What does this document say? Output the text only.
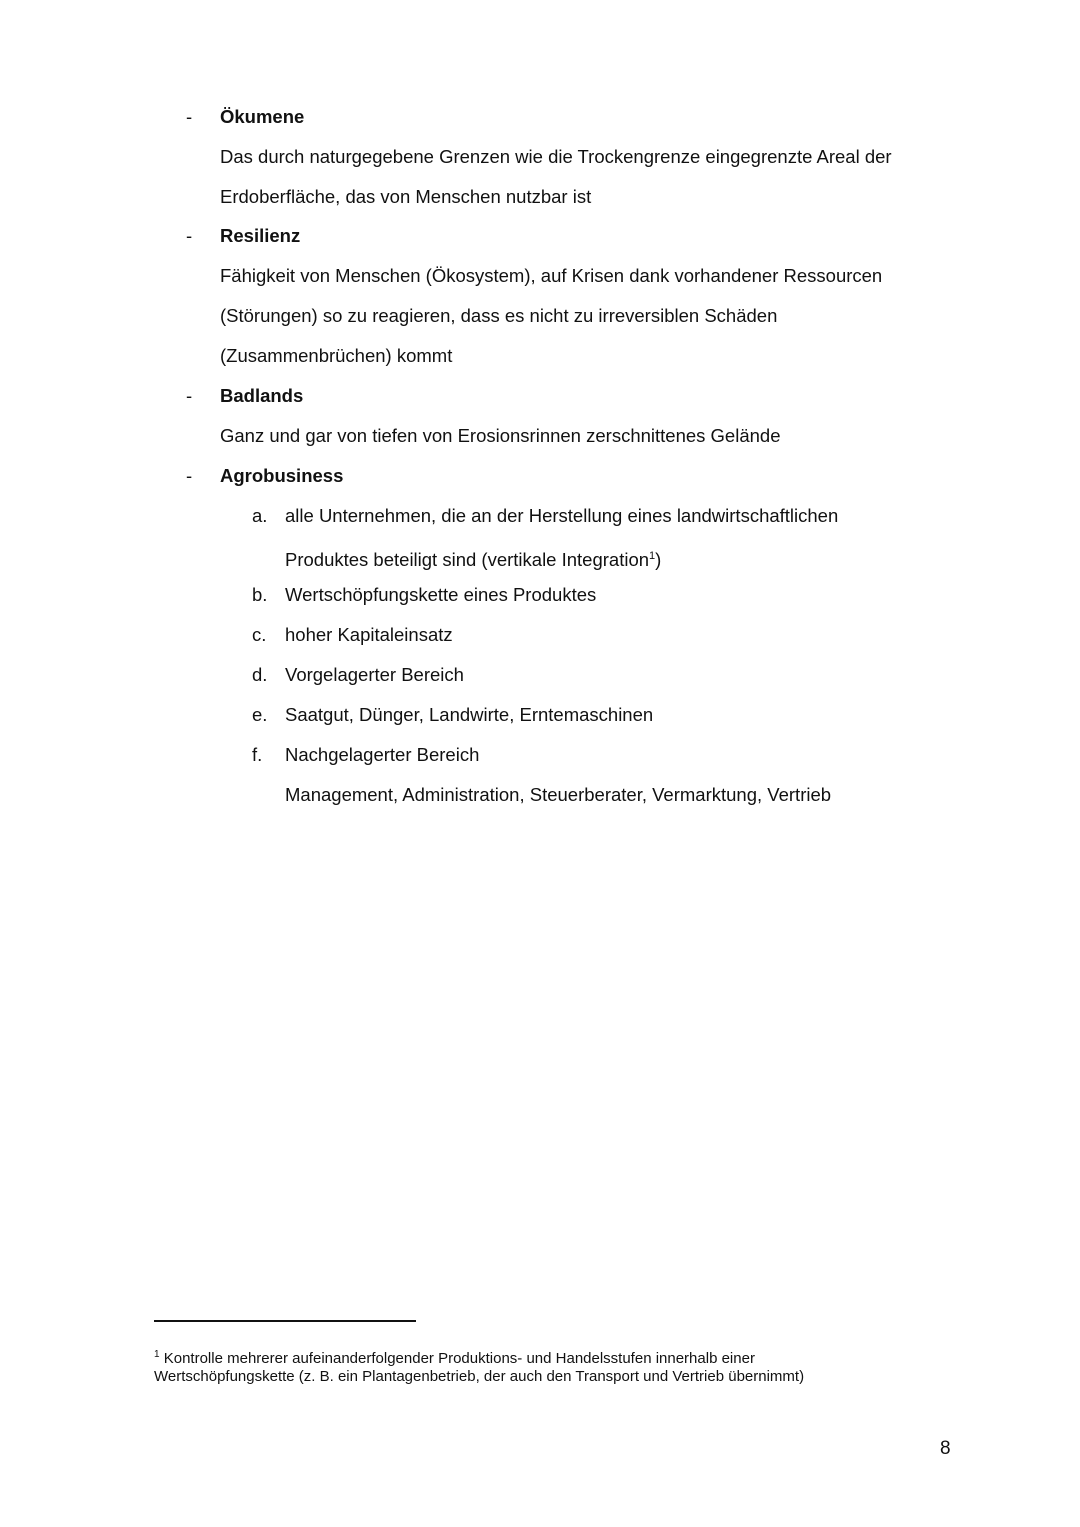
- Ökumene
Das durch naturgegebene Grenzen wie die Trockengrenze eingegrenzte Areal der
Erdoberfläche, das von Menschen nutzbar ist
- Resilienz
Fähigkeit von Menschen (Ökosystem), auf Krisen dank vorhandener Ressourcen
(Störungen) so zu reagieren, dass es nicht zu irreversiblen Schäden
(Zusammenbrüchen) kommt
- Badlands
Ganz und gar von tiefen von Erosionsrinnen zerschnittenes Gelände
- Agrobusiness
a. alle Unternehmen, die an der Herstellung eines landwirtschaftlichen
Produktes beteiligt sind (vertikale Integration$^1$)
b. Wertschöpfungskette eines Produktes
c. hoher Kapitaleinsatz
d. Vorgelagerter Bereich
e. Saatgut, Dünger, Landwirte, Erntemaschinen
f. Nachgelagerter Bereich
Management, Administration, Steuerberater, Vermarktung, Vertrieb
$^1$ Kontrolle mehrerer aufeinanderfolgender Produktions- und Handelsstufen innerhalb einer
Wertschöpfungskette (z. B. ein Plantagenbetrieb, der auch den Transport und Vertrieb übernimmt)
8
